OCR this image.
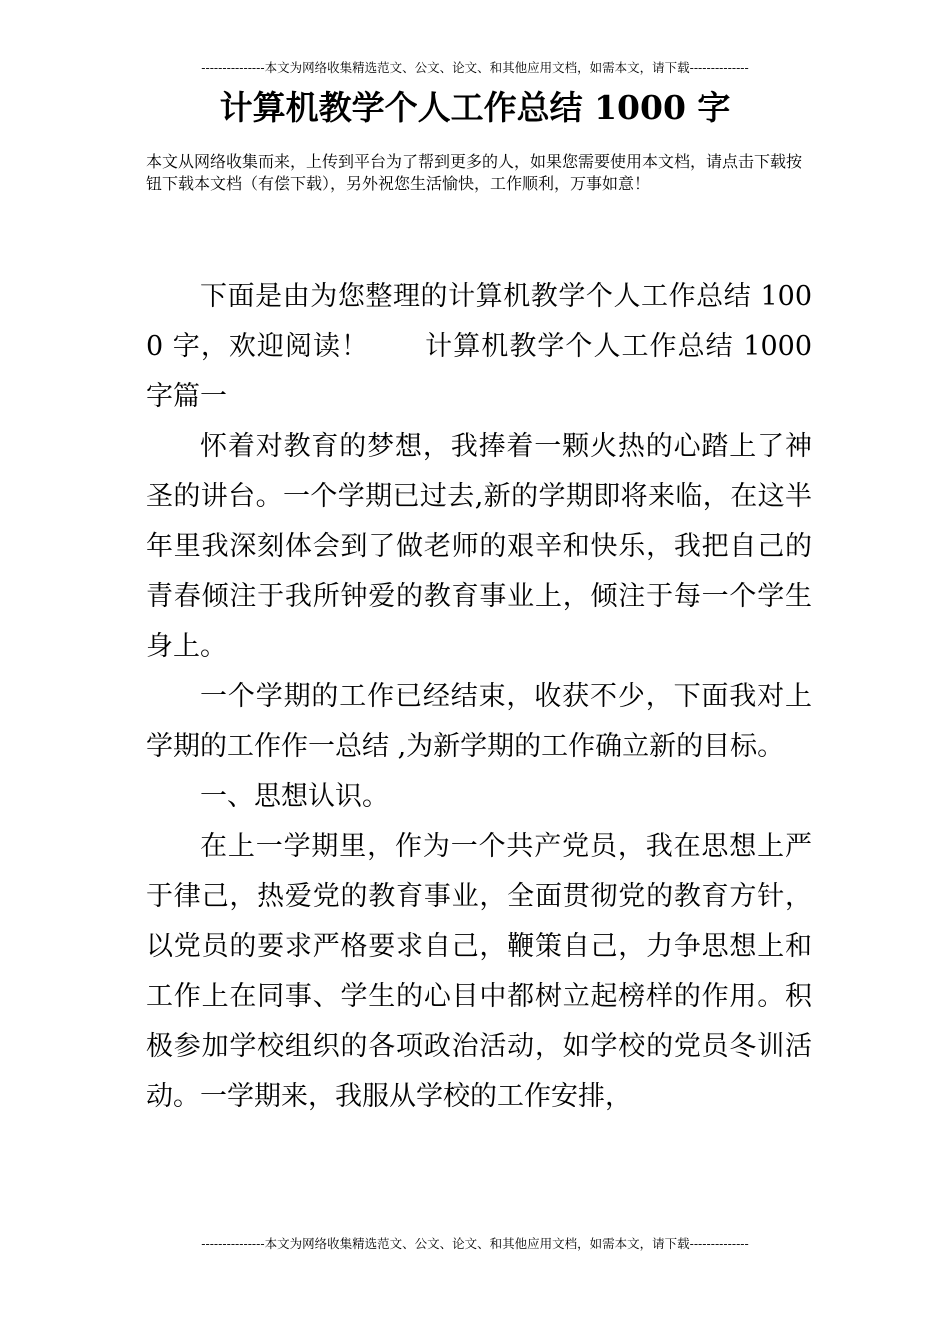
---------------本文为网络收集精选范文、公文、论文、和其他应用文档，如需本文，请下载--------------
计算机教学个人工作总结 1000 字
本文从网络收集而来，上传到平台为了帮到更多的人，如果您需要使用本文档，请点击下载按钮下载本文档（有偿下载），另外祝您生活愉快，工作顺利，万事如意！

下面是由为您整理的计算机教学个人工作总结 1000 字，欢迎阅读！　　计算机教学个人工作总结 1000 字篇一

怀着对教育的梦想，我捧着一颗火热的心踏上了神圣的讲台。一个学期已过去,新的学期即将来临，在这半年里我深刻体会到了做老师的艰辛和快乐，我把自己的青春倾注于我所钟爱的教育事业上，倾注于每一个学生身上。

一个学期的工作已经结束，收获不少，下面我对上学期的工作作一总结 ,为新学期的工作确立新的目标。

一、思想认识。

在上一学期里，作为一个共产党员，我在思想上严于律己，热爱党的教育事业，全面贯彻党的教育方针，以党员的要求严格要求自己，鞭策自己，力争思想上和工作上在同事、学生的心目中都树立起榜样的作用。积极参加学校组织的各项政治活动，如学校的党员冬训活动。一学期来，我服从学校的工作安排，

---------------本文为网络收集精选范文、公文、论文、和其他应用文档，如需本文，请下载--------------
